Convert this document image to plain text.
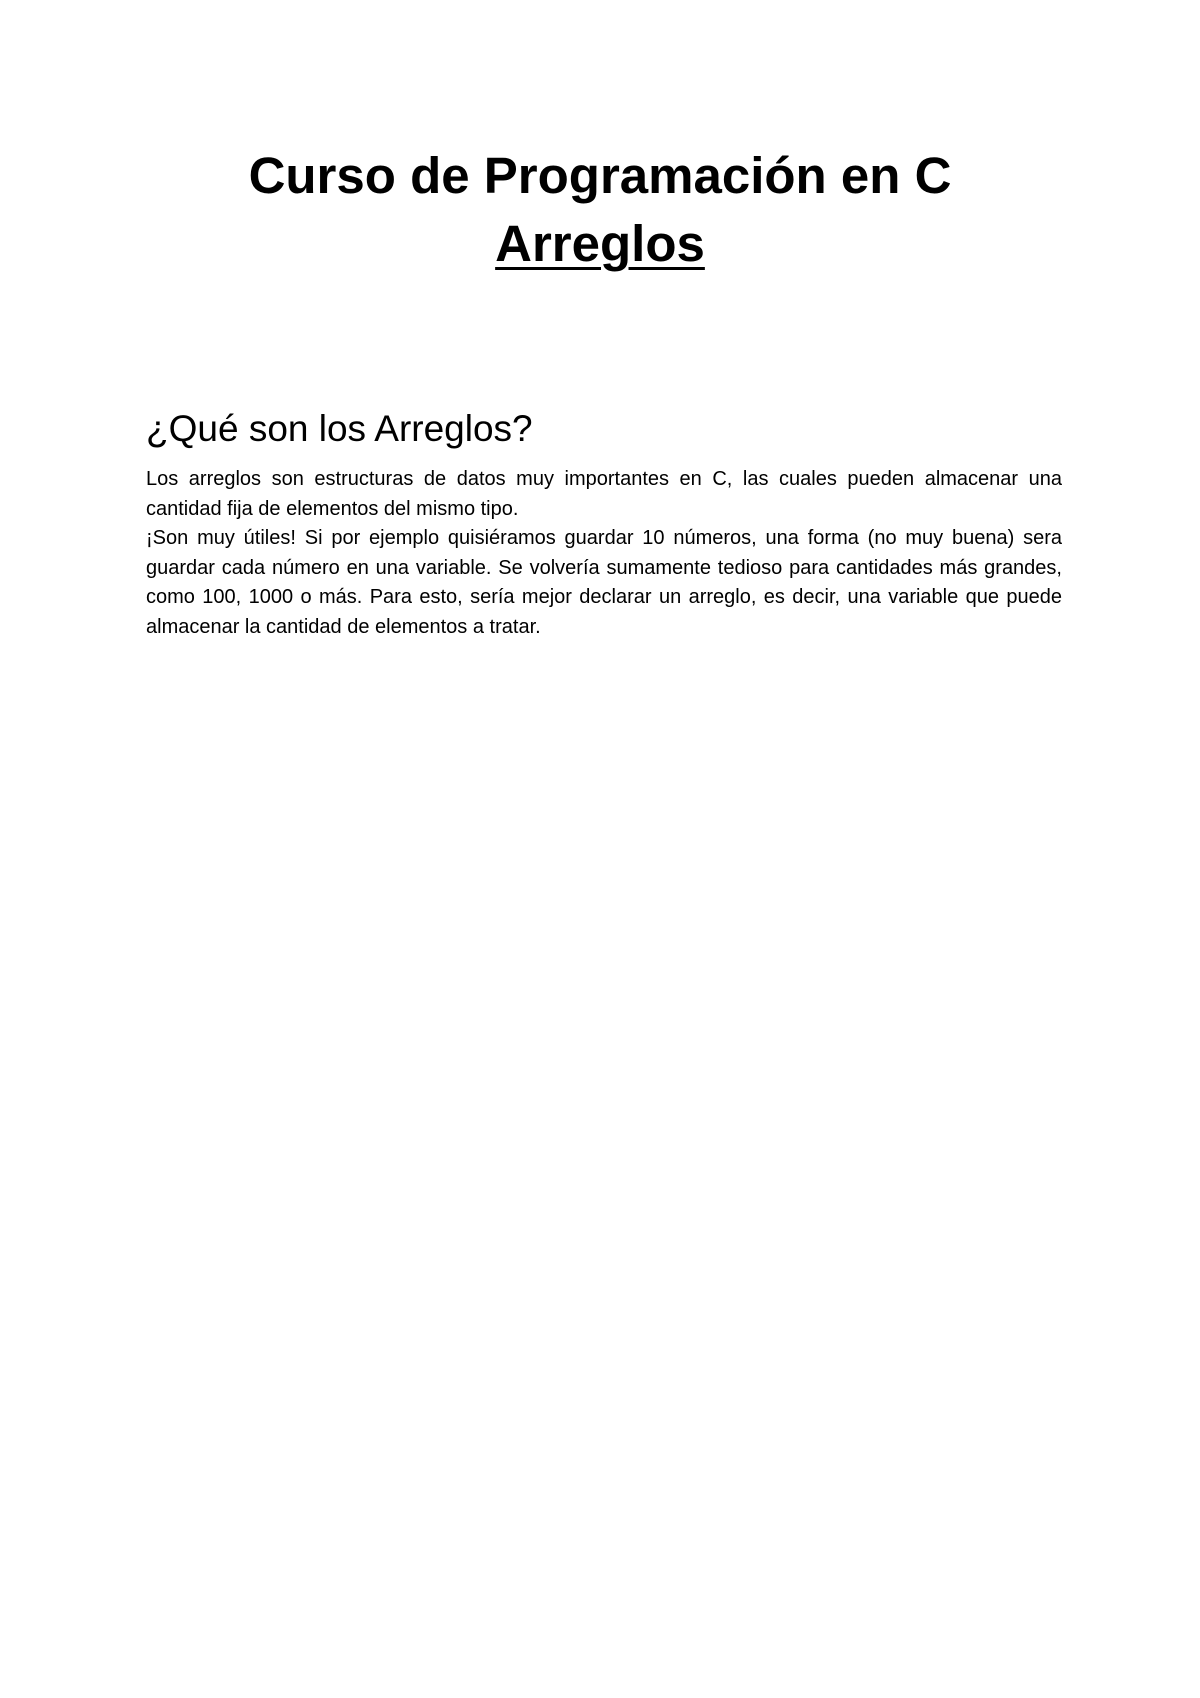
Curso de Programación en C
Arreglos
¿Qué son los Arreglos?

Los arreglos son estructuras de datos muy importantes en C, las cuales pueden almacenar una cantidad fija de elementos del mismo tipo.

¡Son muy útiles! Si por ejemplo quisiéramos guardar 10 números, una forma (no muy buena) sera guardar cada número en una variable. Se volvería sumamente tedioso para cantidades más grandes, como 100, 1000 o más. Para esto, sería mejor declarar un arreglo, es decir, una variable que puede almacenar la cantidad de elementos a tratar.
